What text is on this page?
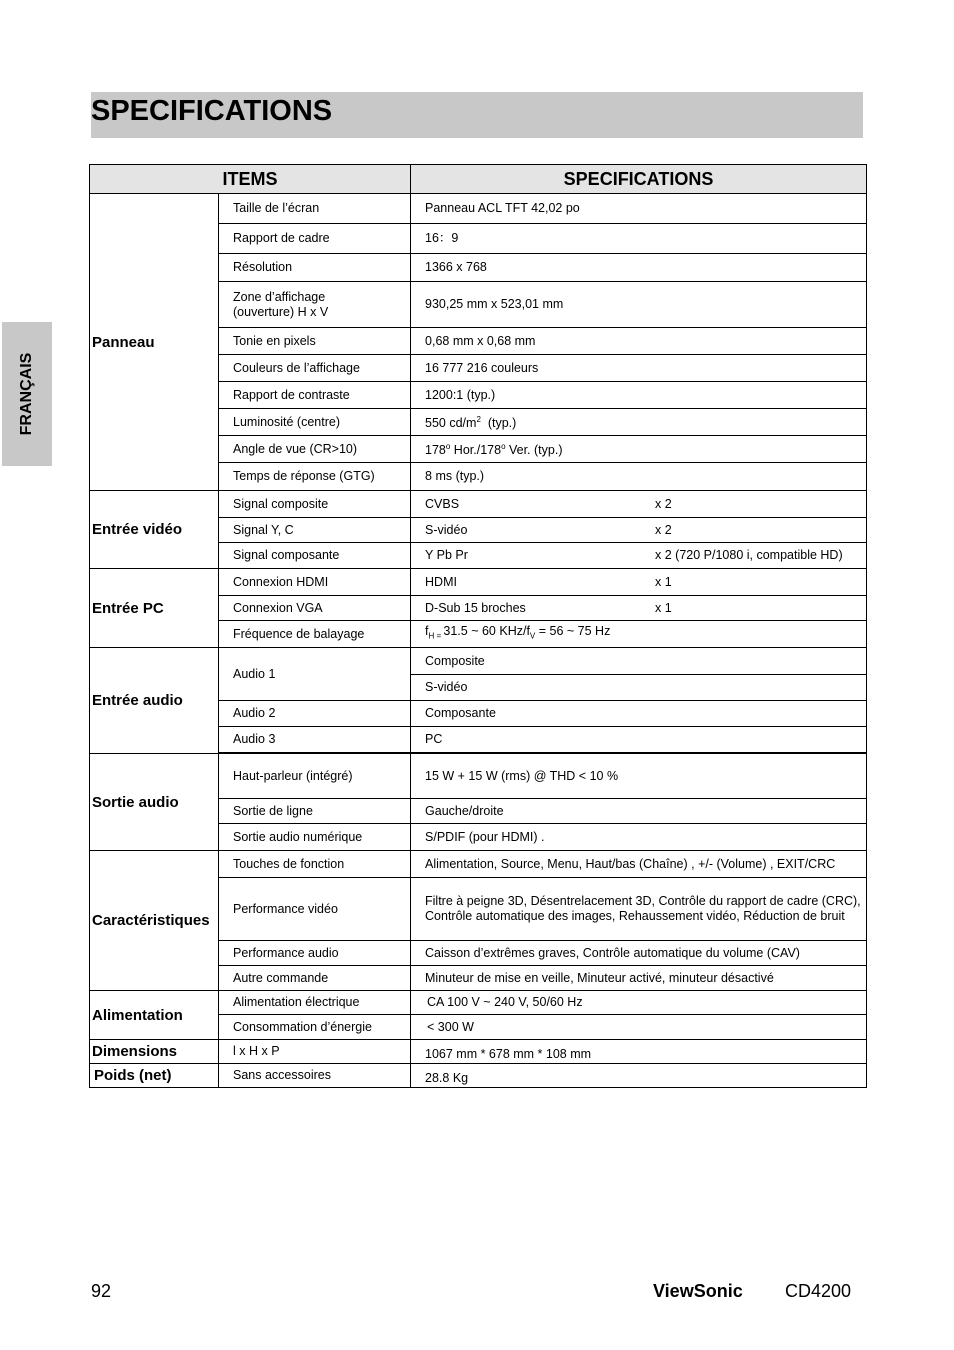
SPECIFICATIONS
FRANÇAIS
ITEMS		SPECIFICATIONS
Panneau	Taille de l’écran	Panneau ACL TFT 42,02 po
	Rapport de cadre	16：9
	Résolution	1366 x 768
	Zone d’affichage (ouverture) H x V	930,25 mm x 523,01 mm
	Tonie en pixels	0,68 mm x 0,68 mm
	Couleurs de l’affichage	16 777 216 couleurs
	Rapport de contraste	1200:1 (typ.)
	Luminosité (centre)	550 $cd/m^2$  (typ.)
	Angle de vue (CR>10)	178$^o$ Hor./178$^o$ Ver. (typ.)
	Temps de réponse (GTG)	8 ms (typ.)
Entrée vidéo	Signal composite	CVBS x 2

	Signal Y, C	S-vidéo x 2

	Signal composante	Y Pb Pr x 2 (720 P/1080 i, compatible HD)

Entrée PC	Connexion HDMI	HDMI x 1

	Connexion VGA	D-Sub 15 broches x 1

	Fréquence de balayage	$f_{H =}$ 31.5 ~ 60 KHz/$f_V = 56$ ~ 75 Hz
Entrée audio	Audio 1	Composite
		S-vidéo
	Audio 2	Composante
	Audio 3	PC

Sortie audio	Haut-parleur (intégré)	15 W + 15 W (rms) @ THD < 10 %
	Sortie de ligne	Gauche/droite
	Sortie audio numérique	S/PDIF (pour HDMI) .
Caractéristiques	Touches de fonction	Alimentation, Source, Menu, Haut/bas (Chaîne) , +/- (Volume) , EXIT/CRC
	Performance vidéo	Filtre à peigne 3D, Désentrelacement 3D, Contrôle du rapport de cadre (CRC), Contrôle automatique des images, Rehaussement vidéo, Réduction de bruit
	Performance audio	Caisson d’extrêmes graves, Contrôle automatique du volume (CAV)
	Autre commande	Minuteur de mise en veille, Minuteur activé, minuteur désactivé
Alimentation	Alimentation électrique	CA 100 V ~ 240 V, 50/60 Hz
	Consommation d’énergie	< 300 W
Dimensions	l x H x P	1067 mm * 678 mm * 108 mm
Poids (net)	Sans accessoires	28.8 Kg
92	ViewSonic CD4200
